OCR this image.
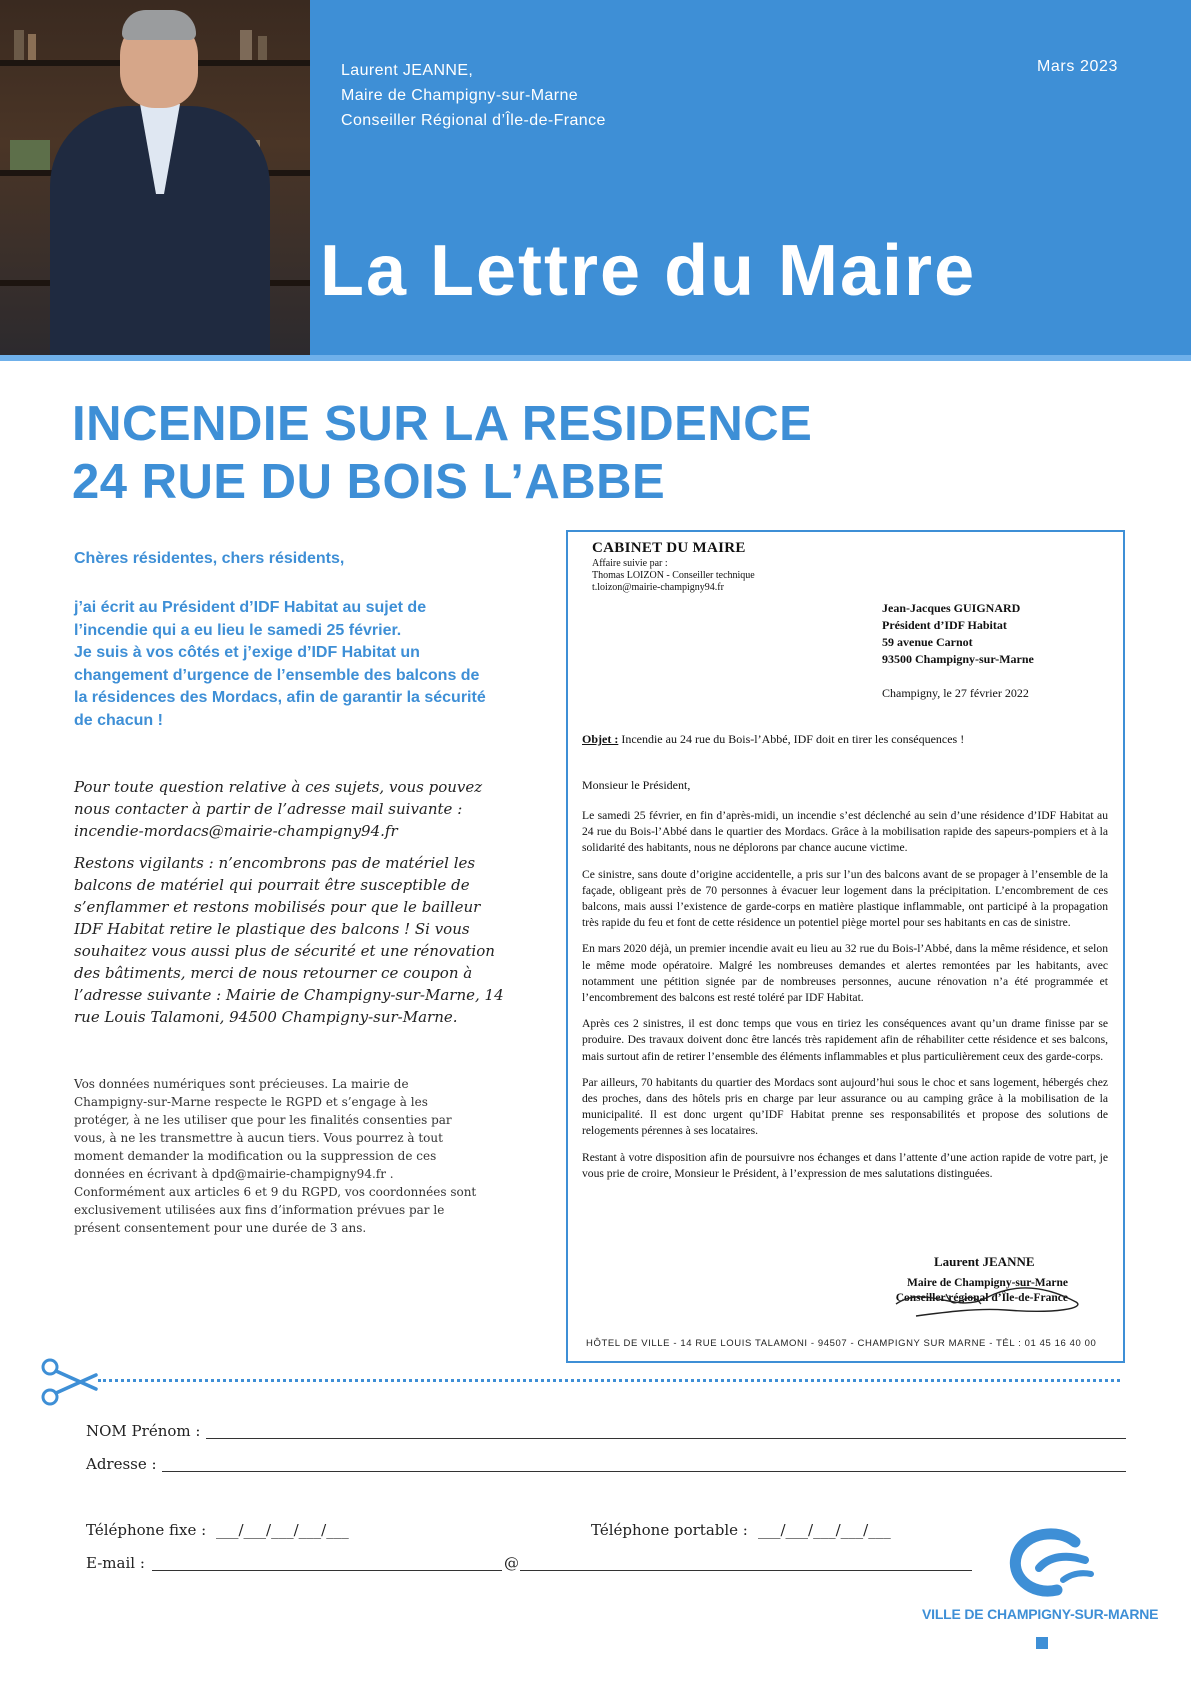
Laurent JEANNE,
Maire de Champigny-sur-Marne
Conseiller Régional d’Île-de-France
Mars 2023
La Lettre du Maire
INCENDIE SUR LA RESIDENCE
24 RUE DU BOIS L’ABBE
Chères résidentes, chers résidents,
j’ai écrit au Président d’IDF Habitat au sujet de l’incendie qui a eu lieu le samedi 25 février.
Je suis à vos côtés et j’exige d’IDF Habitat un changement d’urgence de l’ensemble des balcons de la résidences des Mordacs, afin de garantir la sécurité de chacun !
Pour toute question relative à ces sujets, vous pouvez nous contacter à partir de l’adresse mail suivante : incendie-mordacs@mairie-champigny94.fr
Restons vigilants : n’encombrons pas de matériel les balcons de matériel qui pourrait être susceptible de s’enflammer et restons mobilisés pour que le bailleur IDF Habitat retire le plastique des balcons ! Si vous souhaitez vous aussi plus de sécurité et une rénovation des bâtiments, merci de nous retourner ce coupon à l’adresse suivante : Mairie de Champigny-sur-Marne, 14 rue Louis Talamoni, 94500 Champigny-sur-Marne.
Vos données numériques sont précieuses. La mairie de Champigny-sur-Marne respecte le RGPD et s’engage à les protéger, à ne les utiliser que pour les finalités consenties par vous, à ne les transmettre à aucun tiers. Vous pourrez à tout moment demander la modification ou la suppression de ces données en écrivant à dpd@mairie-champigny94.fr . Conformément aux articles 6 et 9 du RGPD, vos coordonnées sont exclusivement utilisées aux fins d’information prévues par le présent consentement pour une durée de 3 ans.
CABINET DU MAIRE
Affaire suivie par :
Thomas LOIZON - Conseiller technique
t.loizon@mairie-champigny94.fr
Jean-Jacques GUIGNARD
Président d’IDF Habitat
59 avenue Carnot
93500 Champigny-sur-Marne
Champigny, le 27 février 2022
Objet : Incendie au 24 rue du Bois-l’Abbé, IDF doit en tirer les conséquences !
Monsieur le Président,

Le samedi 25 février, en fin d’après-midi, un incendie s’est déclenché au sein d’une résidence d’IDF Habitat au 24 rue du Bois-l’Abbé dans le quartier des Mordacs. Grâce à la mobilisation rapide des sapeurs-pompiers et à la solidarité des habitants, nous ne déplorons par chance aucune victime.

Ce sinistre, sans doute d’origine accidentelle, a pris sur l’un des balcons avant de se propager à l’ensemble de la façade, obligeant près de 70 personnes à évacuer leur logement dans la précipitation. L’encombrement de ces balcons, mais aussi l’existence de garde-corps en matière plastique inflammable, ont participé à la propagation très rapide du feu et font de cette résidence un potentiel piège mortel pour ses habitants en cas de sinistre.

En mars 2020 déjà, un premier incendie avait eu lieu au 32 rue du Bois-l’Abbé, dans la même résidence, et selon le même mode opératoire. Malgré les nombreuses demandes et alertes remontées par les habitants, avec notamment une pétition signée par de nombreuses personnes, aucune rénovation n’a été programmée et l’encombrement des balcons est resté toléré par IDF Habitat.

Après ces 2 sinistres, il est donc temps que vous en tiriez les conséquences avant qu’un drame finisse par se produire. Des travaux doivent donc être lancés très rapidement afin de réhabiliter cette résidence et ses balcons, mais surtout afin de retirer l’ensemble des éléments inflammables et plus particulièrement ceux des garde-corps.

Par ailleurs, 70 habitants du quartier des Mordacs sont aujourd’hui sous le choc et sans logement, hébergés chez des proches, dans des hôtels pris en charge par leur assurance ou au camping grâce à la mobilisation de la municipalité. Il est donc urgent qu’IDF Habitat prenne ses responsabilités et propose des solutions de relogements pérennes à ses locataires.

Restant à votre disposition afin de poursuivre nos échanges et dans l’attente d’une action rapide de votre part, je vous prie de croire, Monsieur le Président, à l’expression de mes salutations distinguées.

Laurent JEANNE
Maire de Champigny-sur-Marne
Conseiller régional d’Île-de-France
HÔTEL DE VILLE - 14 RUE LOUIS TALAMONI - 94507 - CHAMPIGNY SUR MARNE - TÉL : 01 45 16 40 00
NOM Prénom :
Adresse :
Téléphone fixe : ___/___/___/___/___	Téléphone portable : ___/___/___/___/___
E-mail :	@
VILLE DE CHAMPIGNY-SUR-MARNE
